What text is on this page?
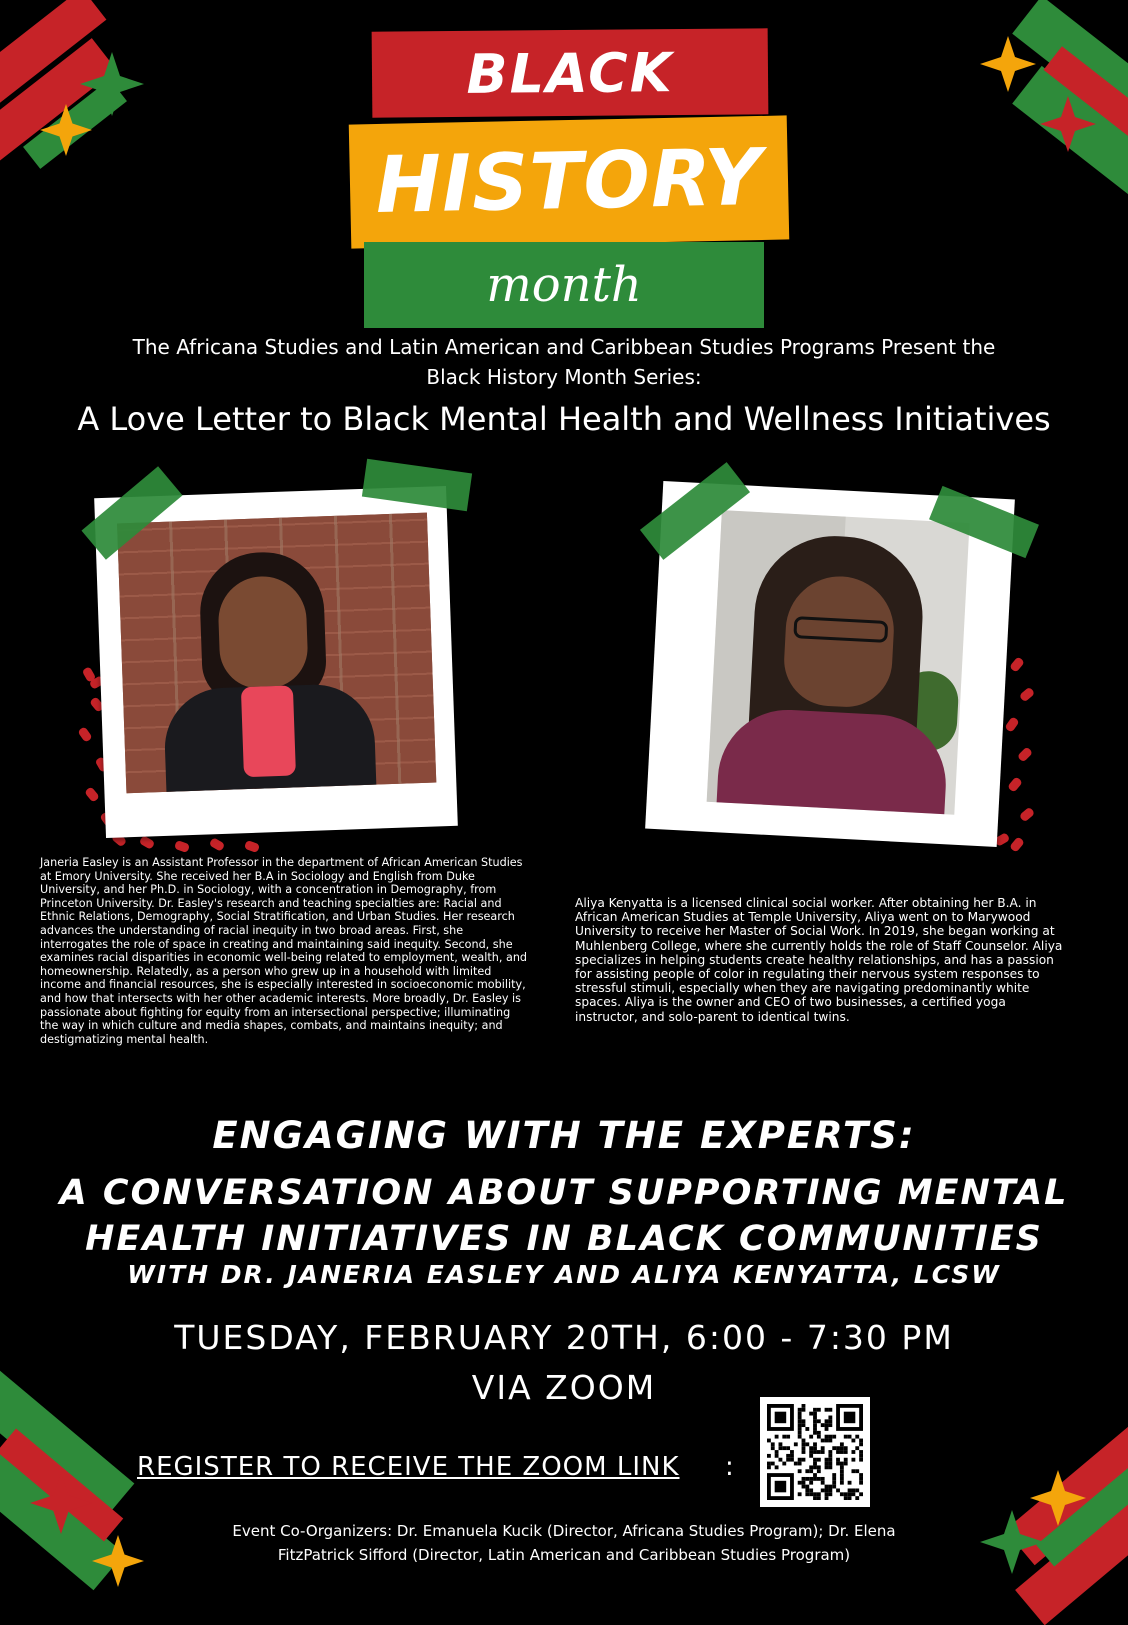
BLACK
HISTORY
month
The Africana Studies and Latin American and Caribbean Studies Programs Present the
Black History Month Series:
A Love Letter to Black Mental Health and Wellness Initiatives
Janeria Easley is an Assistant Professor in the department of African American Studies at Emory University. She received her B.A in Sociology and English from Duke University, and her Ph.D. in Sociology, with a concentration in Demography, from Princeton University. Dr. Easley's research and teaching specialties are: Racial and Ethnic Relations, Demography, Social Stratification, and Urban Studies. Her research advances the understanding of racial inequity in two broad areas. First, she interrogates the role of space in creating and maintaining said inequity. Second, she examines racial disparities in economic well-being related to employment, wealth, and homeownership. Relatedly, as a person who grew up in a household with limited income and financial resources, she is especially interested in socioeconomic mobility, and how that intersects with her other academic interests. More broadly, Dr. Easley is passionate about fighting for equity from an intersectional perspective; illuminating the way in which culture and media shapes, combats, and maintains inequity; and destigmatizing mental health.
Aliya Kenyatta is a licensed clinical social worker. After obtaining her B.A. in African American Studies at Temple University, Aliya went on to Marywood University to receive her Master of Social Work. In 2019, she began working at Muhlenberg College, where she currently holds the role of Staff Counselor. Aliya specializes in helping students create healthy relationships, and has a passion for assisting people of color in regulating their nervous system responses to stressful stimuli, especially when they are navigating predominantly white spaces. Aliya is the owner and CEO of two businesses, a certified yoga instructor, and solo-parent to identical twins.
ENGAGING WITH THE EXPERTS:
A CONVERSATION ABOUT SUPPORTING MENTAL
HEALTH INITIATIVES IN BLACK COMMUNITIES
WITH DR. JANERIA EASLEY AND ALIYA KENYATTA, LCSW
TUESDAY, FEBRUARY 20TH, 6:00 - 7:30 PM
VIA ZOOM
REGISTER TO RECEIVE THE ZOOM LINK :
Event Co-Organizers: Dr. Emanuela Kucik (Director, Africana Studies Program); Dr. Elena
FitzPatrick Sifford (Director, Latin American and Caribbean Studies Program)
